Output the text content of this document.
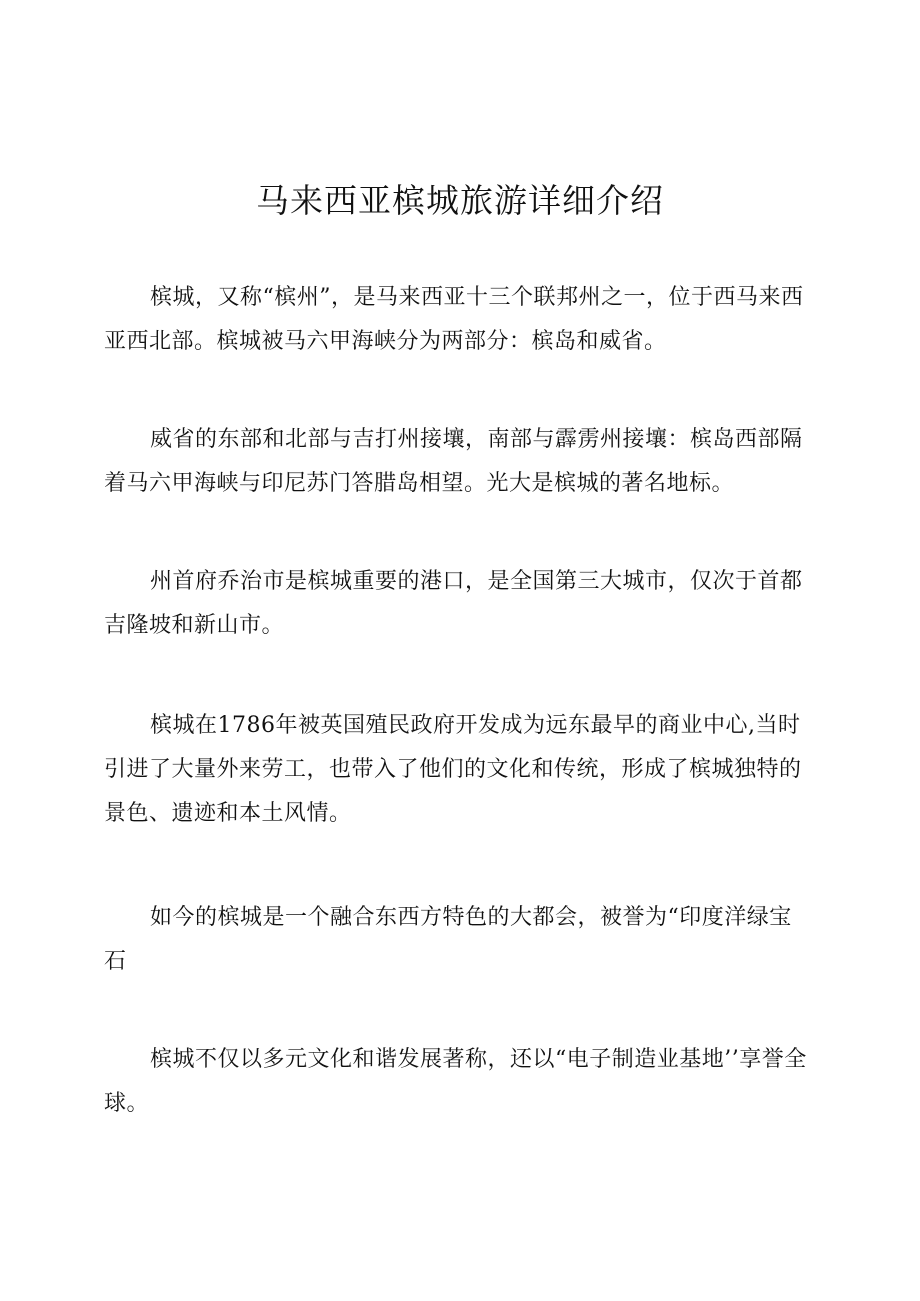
马来西亚槟城旅游详细介绍

槟城，又称“槟州”，是马来西亚十三个联邦州之一，位于西马来西亚西北部。槟城被马六甲海峡分为两部分：槟岛和威省。

威省的东部和北部与吉打州接壤，南部与霹雳州接壤：槟岛西部隔着马六甲海峡与印尼苏门答腊岛相望。光大是槟城的著名地标。

州首府乔治市是槟城重要的港口，是全国第三大城市，仅次于首都吉隆坡和新山市。

槟城在1786年被英国殖民政府开发成为远东最早的商业中心,当时引进了大量外来劳工，也带入了他们的文化和传统，形成了槟城独特的景色、遗迹和本土风情。

如今的槟城是一个融合东西方特色的大都会，被誉为“印度洋绿宝石

槟城不仅以多元文化和谐发展著称，还以“电子制造业基地’’享誉全球。
